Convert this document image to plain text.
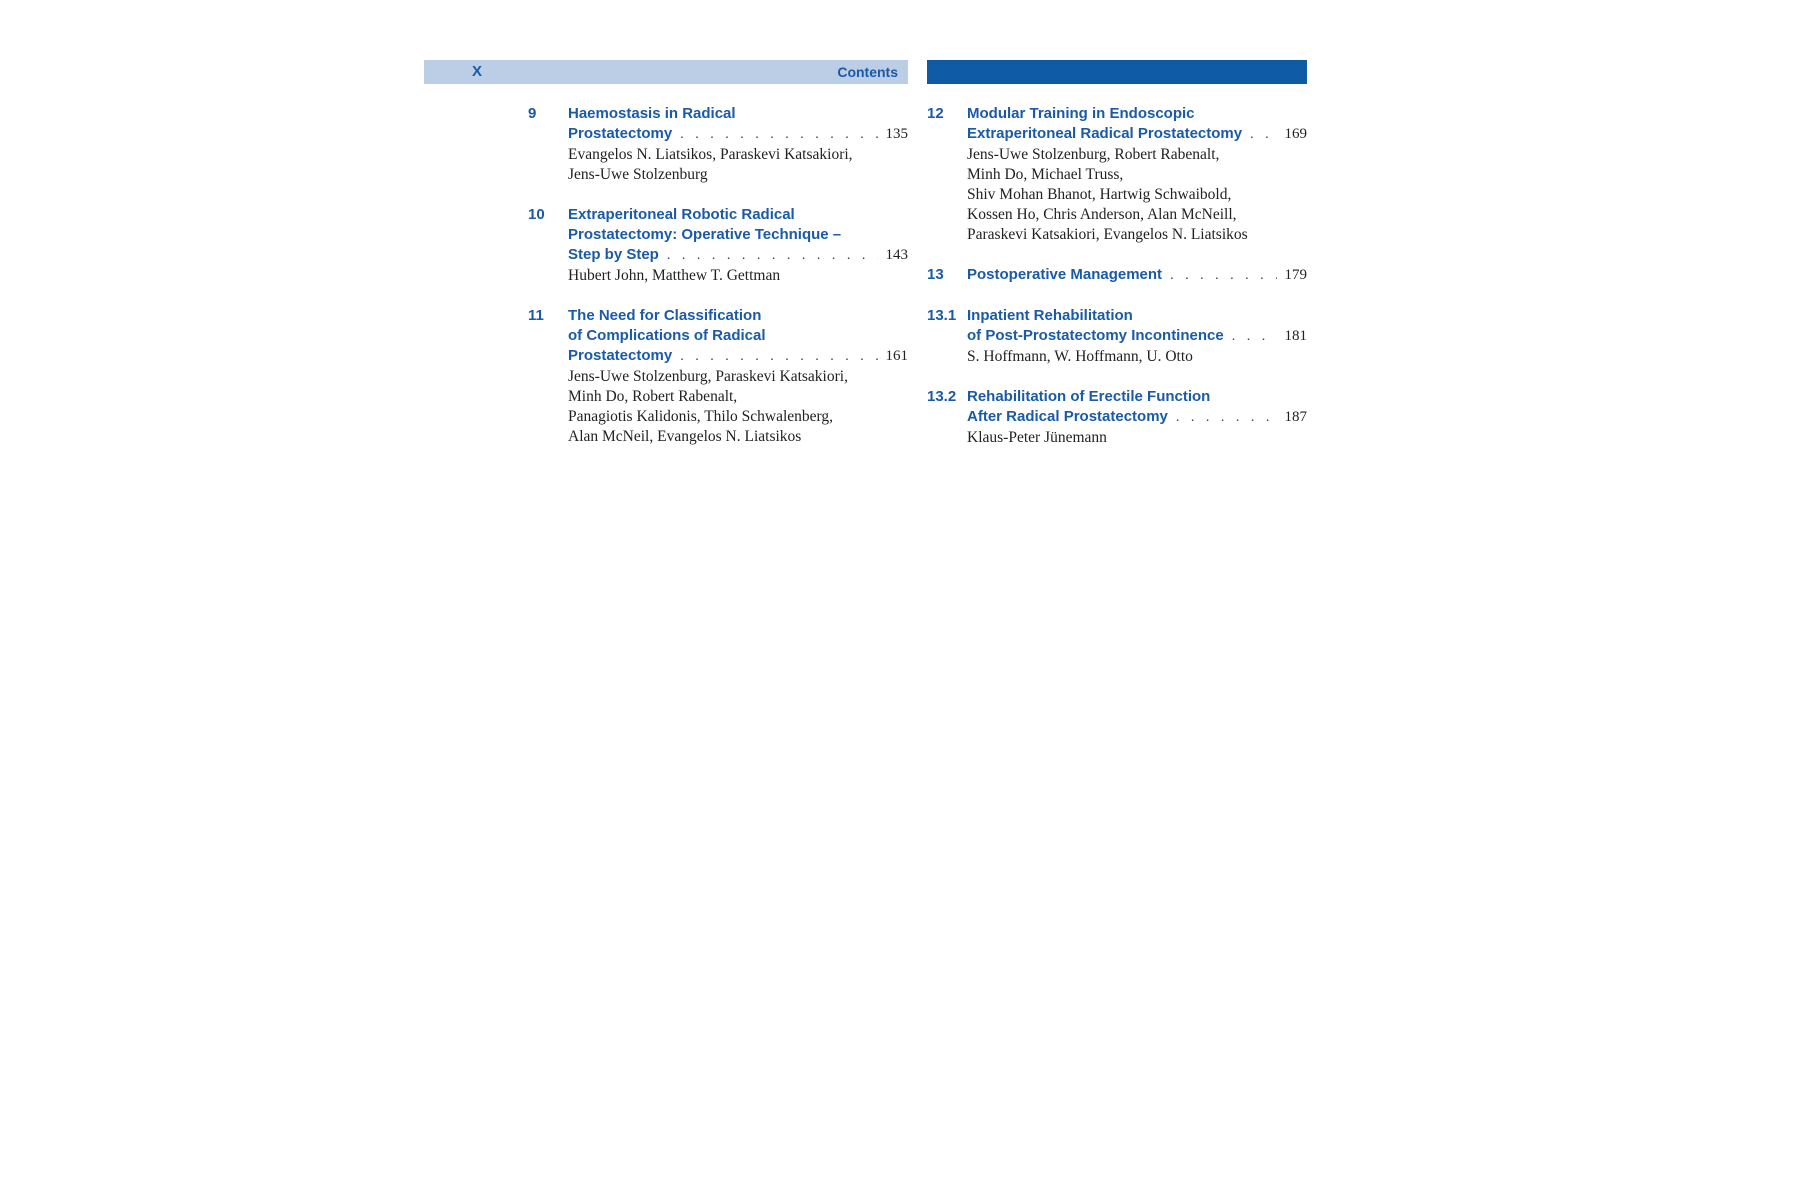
X	Contents
9 Haemostasis in Radical
Prostatectomy . . .	135
Evangelos N. Liatsikos, Paraskevi Katsakiori,
Jens-Uwe Stolzenburg
10 Extraperitoneal Robotic Radical
Prostatectomy: Operative Technique –
Step by Step . . .	143
Hubert John, Matthew T. Gettman
11 The Need for Classification
of Complications of Radical
Prostatectomy . . .	161
Jens-Uwe Stolzenburg, Paraskevi Katsakiori,
Minh Do, Robert Rabenalt,
Panagiotis Kalidonis, Thilo Schwalenberg,
Alan McNeil, Evangelos N. Liatsikos
12 Modular Training in Endoscopic
Extraperitoneal Radical Prostatectomy . . .	169
Jens-Uwe Stolzenburg, Robert Rabenalt,
Minh Do, Michael Truss,
Shiv Mohan Bhanot, Hartwig Schwaibold,
Kossen Ho, Chris Anderson, Alan McNeill,
Paraskevi Katsakiori, Evangelos N. Liatsikos
13 Postoperative Management . . .	179
13.1 Inpatient Rehabilitation
of Post-Prostatectomy Incontinence . . .	181
S. Hoffmann, W. Hoffmann, U. Otto
13.2 Rehabilitation of Erectile Function
After Radical Prostatectomy . . .	187
Klaus-Peter Jünemann
